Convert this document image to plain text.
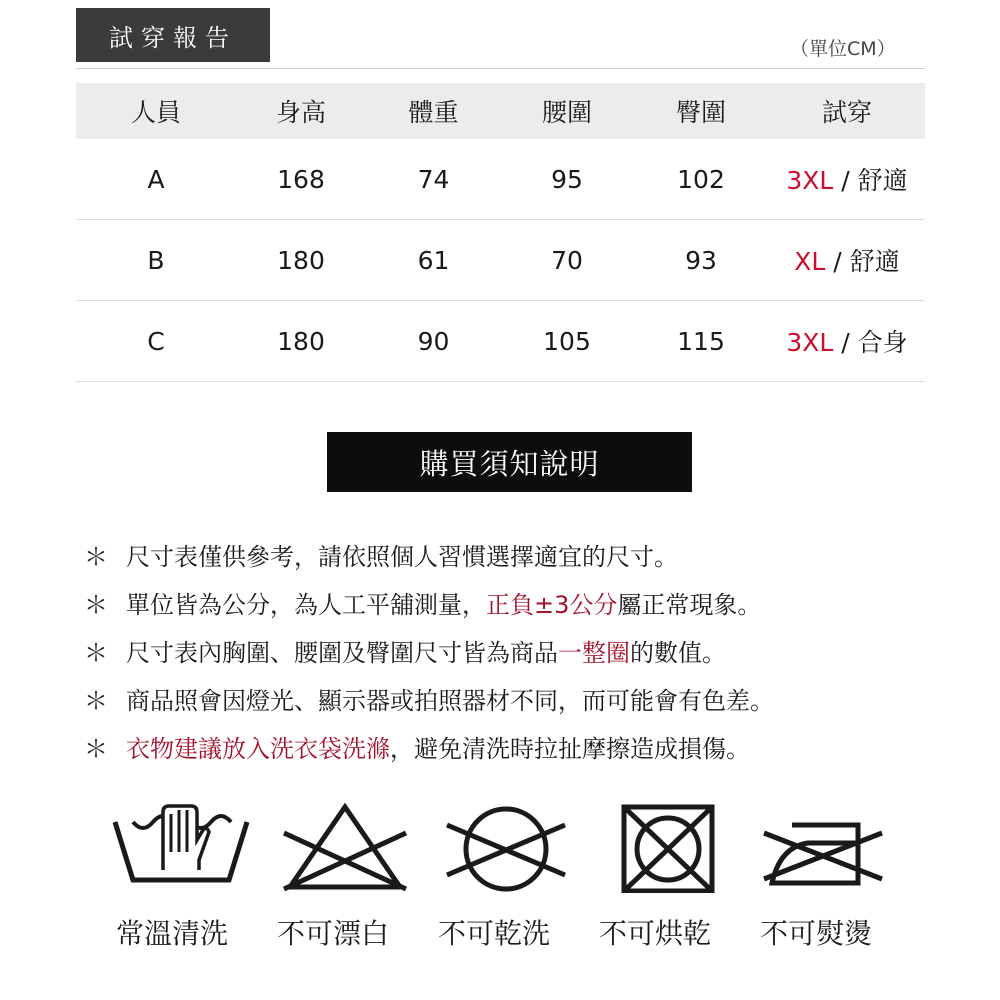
試穿報告	（單位CM）
人員	身高	體重	腰圍	臀圍	試穿
A	168	74	95	102	3XL / 舒適
B	180	61	70	93	XL / 舒適
C	180	90	105	115	3XL / 合身
購買須知說明
＊ 尺寸表僅供參考，請依照個人習慣選擇適宜的尺寸。
＊ 單位皆為公分，為人工平舖測量， 正負±3公分 屬正常現象。
＊ 尺寸表內胸圍、腰圍及臀圍尺寸皆為商品 一整圈 的數值。
＊ 商品照會因燈光、顯示器或拍照器材不同，而可能會有色差。
＊ 衣物建議放入洗衣袋洗滌 ，避免清洗時拉扯摩擦造成損傷。
常溫清洗 不可漂白 不可乾洗 不可烘乾 不可熨燙
